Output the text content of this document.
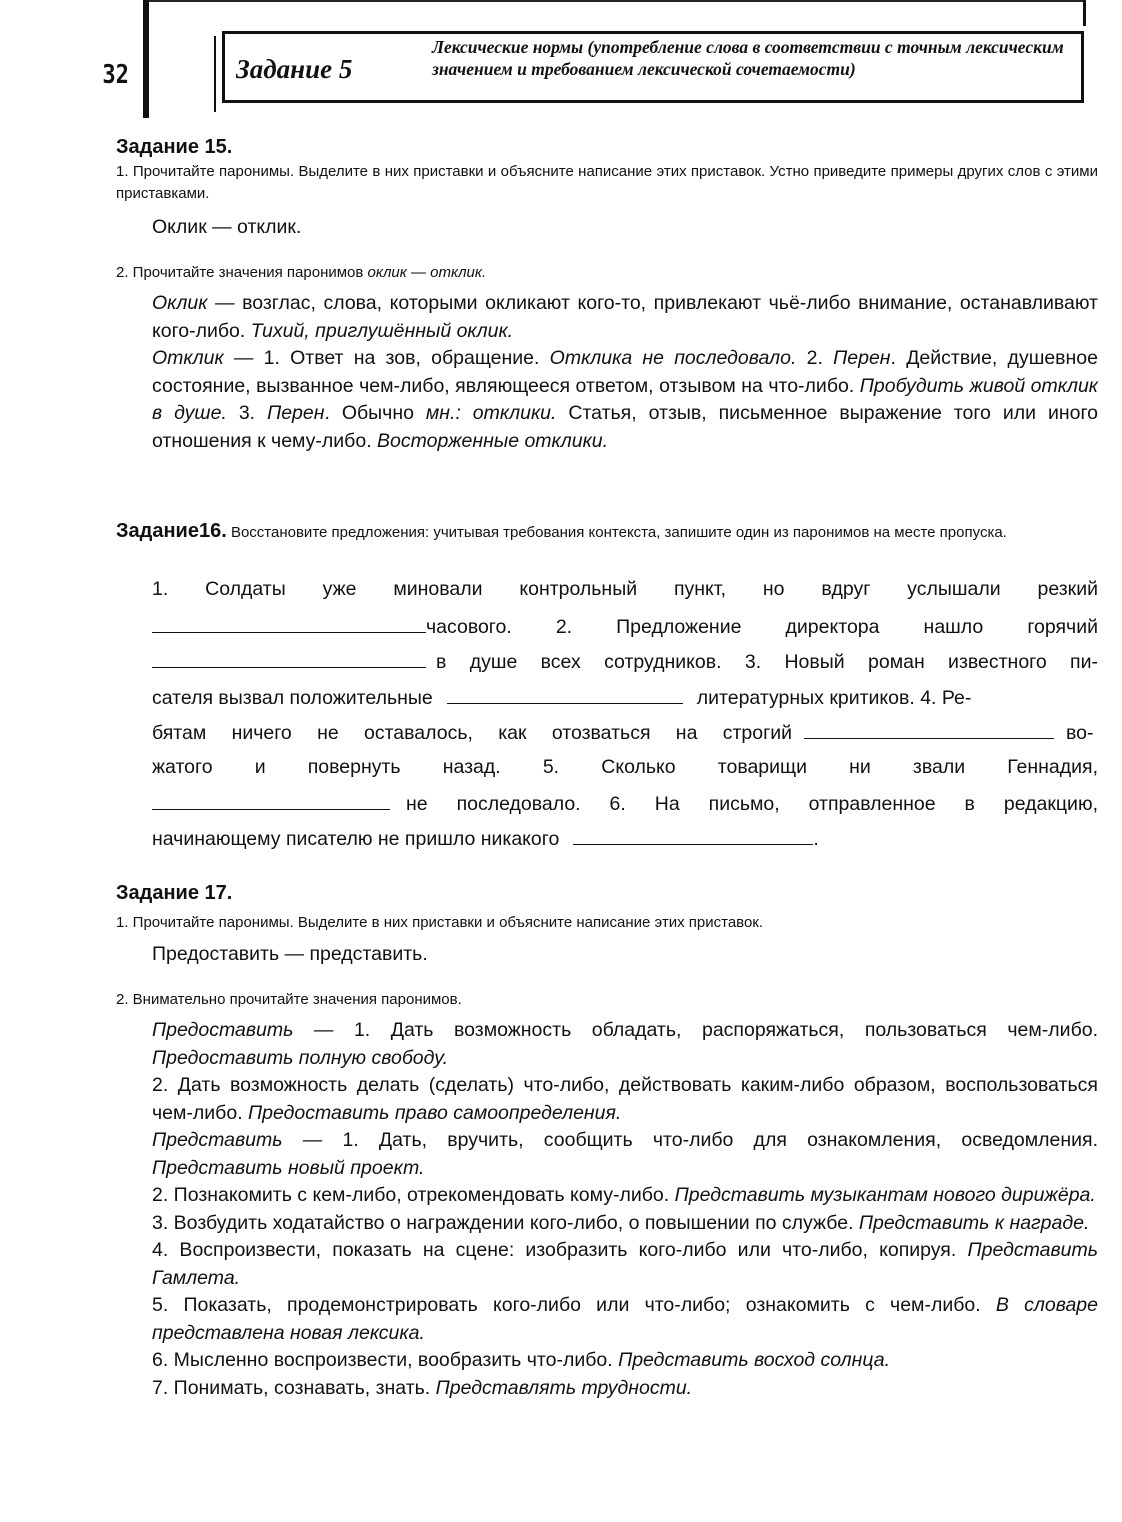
32	Задание 5
Лексические нормы (употребление слова в соответствии с точным лексическим значением и требованием лексической сочетаемости)
Задание 15.
1. Прочитайте паронимы. Выделите в них приставки и объясните написание этих приставок. Устно приведите примеры других слов с этими приставками.
Оклик — отклик.
2. Прочитайте значения паронимов оклик — отклик.
Оклик — возглас, слова, которыми окликают кого-то, привлекают чьё-либо внимание, останавливают кого-либо. Тихий, приглушённый оклик.
Отклик — 1. Ответ на зов, обращение. Отклика не последовало. 2. Перен. Действие, душевное состояние, вызванное чем-либо, являющееся ответом, отзывом на что-либо. Пробудить живой отклик в душе. 3. Перен. Обычно мн.: отклики. Статья, отзыв, письменное выражение того или иного отношения к чему-либо. Восторженные отклики.
Задание16. Восстановите предложения: учитывая требования контекста, запишите один из паронимов на месте пропуска.
1. Солдаты уже миновали контрольный пункт, но вдруг услышали резкий
часового. 2. Предложение директора нашло горячий
в душе всех сотрудников. 3. Новый роман известного пи-
сателя вызвал положительные	литературных критиков. 4. Ре-
бятам ничего не оставалось, как отозваться на строгий	во-
жатого и повернуть назад. 5. Сколько товарищи ни звали Геннадия,
не последовало. 6. На письмо, отправленное в редакцию,
начинающему писателю не пришло никакого	.
Задание 17.
1. Прочитайте паронимы. Выделите в них приставки и объясните написание этих приставок.
Предоставить — представить.
2. Внимательно прочитайте значения паронимов.
Предоставить — 1. Дать возможность обладать, распоряжаться, пользоваться чем-либо. Предоставить полную свободу.
2. Дать возможность делать (сделать) что-либо, действовать каким-либо образом, воспользоваться чем-либо. Предоставить право самоопределения.
Представить — 1. Дать, вручить, сообщить что-либо для ознакомления, осведомления. Представить новый проект.
2. Познакомить с кем-либо, отрекомендовать кому-либо. Представить музыкантам нового дирижёра.
3. Возбудить ходатайство о награждении кого-либо, о повышении по службе. Представить к награде.
4. Воспроизвести, показать на сцене: изобразить кого-либо или что-либо, копируя. Представить Гамлета.
5. Показать, продемонстрировать кого-либо или что-либо; ознакомить с чем-либо. В словаре представлена новая лексика.
6. Мысленно воспроизвести, вообразить что-либо. Представить восход солнца.
7. Понимать, сознавать, знать. Представлять трудности.
